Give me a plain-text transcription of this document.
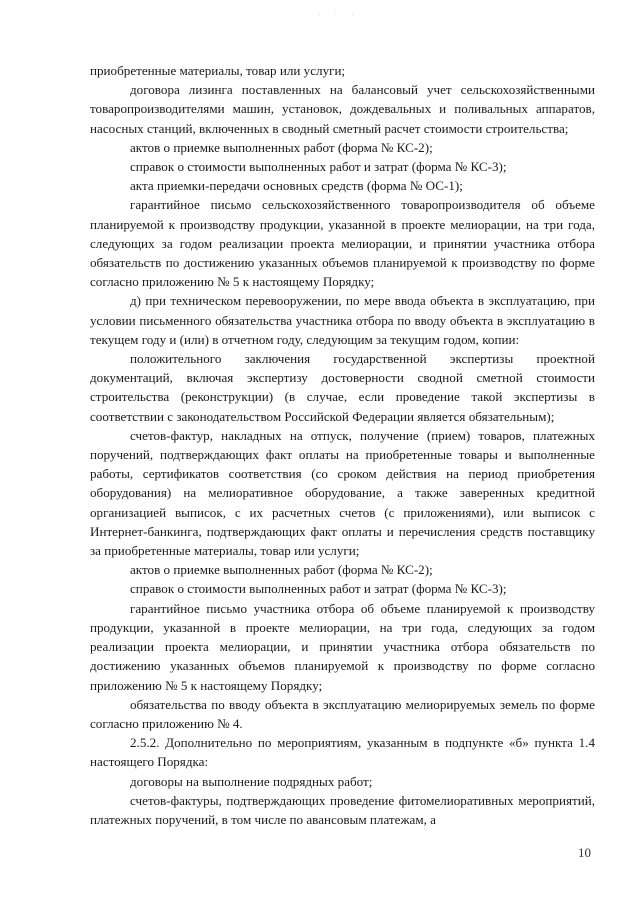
· · ·

приобретенные материалы, товар или услуги;

договора лизинга поставленных на балансовый учет сельскохозяйственными товаропроизводителями машин, установок, дождевальных и поливальных аппаратов, насосных станций, включенных в сводный сметный расчет стоимости строительства;

актов о приемке выполненных работ (форма № КС-2);

справок о стоимости выполненных работ и затрат (форма № КС-3);

акта приемки-передачи основных средств (форма № ОС-1);

гарантийное письмо сельскохозяйственного товаропроизводителя об объеме планируемой к производству продукции, указанной в проекте мелиорации, на три года, следующих за годом реализации проекта мелиорации, и принятии участника отбора обязательств по достижению указанных объемов планируемой к производству по форме согласно приложению № 5 к настоящему Порядку;

д) при техническом перевооружении, по мере ввода объекта в эксплуатацию, при условии письменного обязательства участника отбора по вводу объекта в эксплуатацию в текущем году и (или) в отчетном году, следующим за текущим годом, копии:

положительного заключения государственной экспертизы проектной документаций, включая экспертизу достоверности сводной сметной стоимости строительства (реконструкции) (в случае, если проведение такой экспертизы в соответствии с законодательством Российской Федерации является обязательным);

счетов-фактур, накладных на отпуск, получение (прием) товаров, платежных поручений, подтверждающих факт оплаты на приобретенные товары и выполненные работы, сертификатов соответствия (со сроком действия на период приобретения оборудования) на мелиоративное оборудование, а также заверенных кредитной организацией выписок, с их расчетных счетов (с приложениями), или выписок с Интернет-банкинга, подтверждающих факт оплаты и перечисления средств поставщику за приобретенные материалы, товар или услуги;

актов о приемке выполненных работ (форма № КС-2);

справок о стоимости выполненных работ и затрат (форма № КС-3);

гарантийное письмо участника отбора об объеме планируемой к производству продукции, указанной в проекте мелиорации, на три года, следующих за годом реализации проекта мелиорации, и принятии участника отбора обязательств по достижению указанных объемов планируемой к производству по форме согласно приложению № 5 к настоящему Порядку;

обязательства по вводу объекта в эксплуатацию мелиорируемых земель по форме согласно приложению № 4.

2.5.2. Дополнительно по мероприятиям, указанным в подпункте «б» пункта 1.4 настоящего Порядка:

договоры на выполнение подрядных работ;

счетов-фактуры, подтверждающих проведение фитомелиоративных мероприятий, платежных поручений, в том числе по авансовым платежам, а

10
